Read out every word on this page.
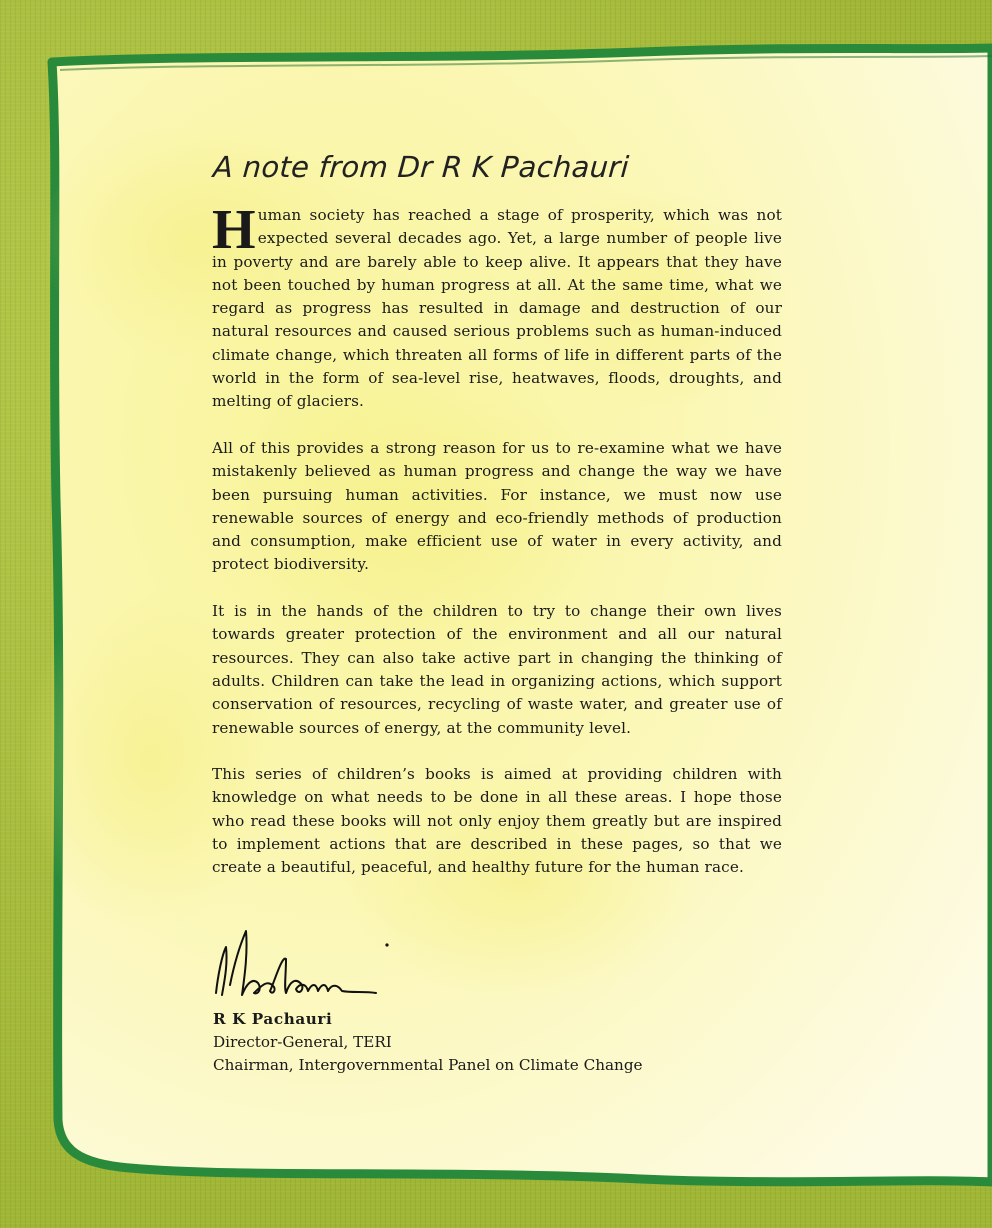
A note from Dr R K Pachauri

Human society has reached a stage of prosperity, which was not expected several decades ago. Yet, a large number of people live in poverty and are barely able to keep alive. It appears that they have not been touched by human progress at all. At the same time, what we regard as progress has resulted in damage and destruction of our natural resources and caused serious problems such as human-induced climate change, which threaten all forms of life in different parts of the world in the form of sea-level rise, heatwaves, floods, droughts, and melting of glaciers.

All of this provides a strong reason for us to re-examine what we have mistakenly believed as human progress and change the way we have been pursuing human activities. For instance, we must now use renewable sources of energy and eco-friendly methods of production and consumption, make efficient use of water in every activity, and protect biodiversity.

It is in the hands of the children to try to change their own lives towards greater protection of the environment and all our natural resources. They can also take active part in changing the thinking of adults. Children can take the lead in organizing actions, which support conservation of resources, recycling of waste water, and greater use of renewable sources of energy, at the community level.

This series of children’s books is aimed at providing children with knowledge on what needs to be done in all these areas. I hope those who read these books will not only enjoy them greatly but are inspired to implement actions that are described in these pages, so that we create a beautiful, peaceful, and healthy future for the human race.

R K Pachauri
Director-General, TERI
Chairman, Intergovernmental Panel on Climate Change
